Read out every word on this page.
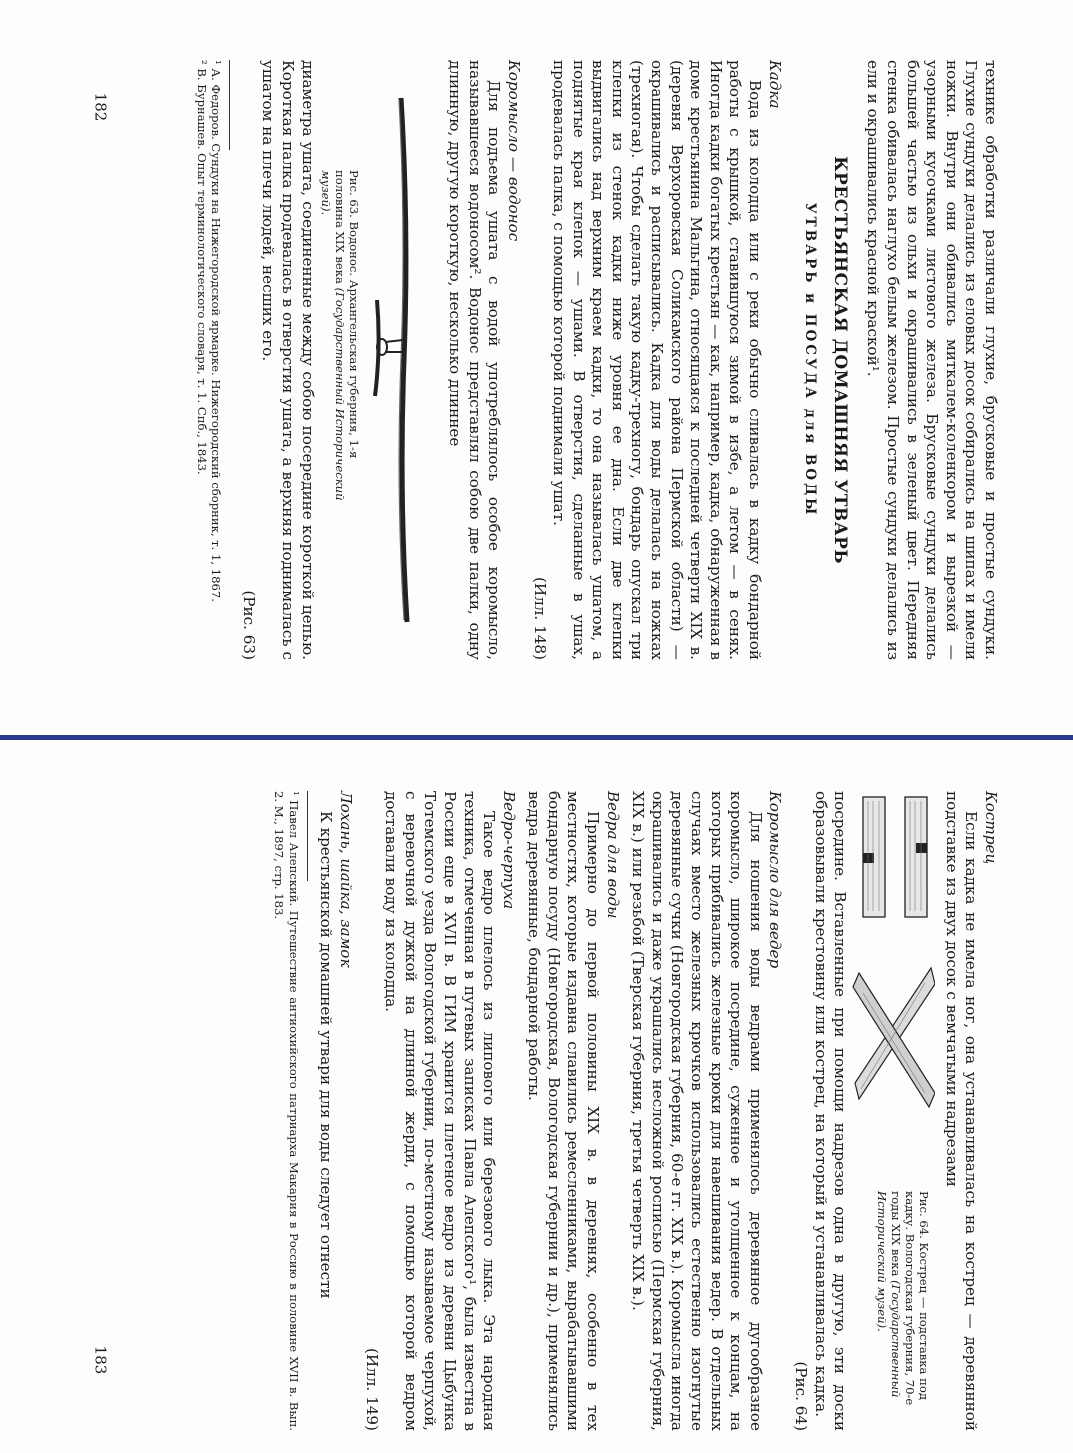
технике обработки различали глухие, брусковые и простые сундуки. Глухие сундуки делались из еловых досок собирались на шипах и имели ножки. Внутри они обивались миткалем-коленкором и вырезкой — узорными кусочками листового железа. Брусковые сундуки делались большей частью из ольхи и окрашивались в зеленый цвет. Передняя стенка обивалась наглухо белым железом. Простые сундуки делались из ели и окрашивались красной краской¹.

КРЕСТЬЯНСКАЯ ДОМАШНЯЯ УТВАРЬ
УТВАРЬ и ПОСУДА для ВОДЫ

Кадка

Вода из колодца или с реки обычно сливалась в кадку бондарной работы с крышкой, ставившуюся зимой в избе, а летом — в сенях. Иногда кадки богатых крестьян — как, например, кадка, обнаруженная в доме крестьянина Мальгина, относящаяся к последней четверти XIX в. (деревня Верхоровская Соликамского района Пермской области) — окрашивались и расписывались. Кадка для воды делалась на ножках (трехногая). Чтобы сделать такую кадку-трехногу, бондарь опускал три клепки из стенок кадки ниже уровня ее дна. Если две клепки выдвигались над верхним краем кадки, то она называлась ушатом, а поднятые края клепок — ушами. В отверстия, сделанные в ушах, продевалась палка, с помощью которой поднимали ушат.

(Илл. 148)

Коромысло — водонос

Для подъема ушата с водой употреблялось особое коромысло, называвшееся водоносом². Водонос представлял собою две палки, одну длинную, другую короткую, несколько длиннее

Рис. 63. Водонос. Архангельская губерния, 1-я половина XIX века (Государственный Исторический музей).

диаметра ушата, соединенные между собою посередине короткой цепью. Короткая палка продевалась в отверстия ушата, а верхняя поднималась с ушатом на плечи людей, несших его.

(Рис. 63)

¹ А. Федоров. Сундуки на Нижегородской ярмарке. Нижегородский сборник, т. 1, 1867.

² В. Бурнашев. Опыт терминологического словаря, т. 1. Спб., 1843.

182

Кострец

Если кадка не имела ног, она устанавливалась на кострец — деревянной подставке из двух досок с вемчатыми надрезами

Рис. 64. Кострец — подставка под кадку. Вологодская губерния, 70-е годы XIX века (Государственный Исторический музей).

посредине. Вставленные при помощи надрезов одна в другую, эти доски образовывали крестовину или кострец, на который и устанавливалась кадка.

(Рис. 64)

Коромысло для ведер

Для ношения воды ведрами применялось деревянное дугообразное коромысло, широкое посредине, суженное и утолщенное к концам, на которых прибивались железные крюки для навешивания ведер. В отдельных случаях вместо железных крючков использовались естественно изогнутые деревянные сучки (Новгородская губерния, 60-е гг. XIX в.). Коромысла иногда окрашивались и даже украшались несложной росписью (Пермская губерния, XIX в.) или резьбой (Тверская губерния, третья четверть XIX в.).

Ведра для воды

Примерно до первой половины XIX в. в деревнях, особенно в тех местностях, которые издавна славились ремесленниками, вырабатывавшими бондарную посуду (Новгородская, Вологодская губернии и др.), применялись ведра деревянные, бондарной работы.

Ведро-черпуха

Такое ведро плелось из липового или березового лыка. Эта народная техника, отмеченная в путевых записках Павла Алепского¹, была известна в России еще в XVII в. В ГИМ хранится плетеное ведро из деревни Цыбунка Тотемского уезда Вологодской губернии, по-местному называемое черпухой, с веревочной дужкой на длинной жерди, с помощью которой ведром доставали воду из колодца.

(Илл. 149)

Лохань, шайка, замок

К крестьянской домашней утвари для воды следует отнести

¹ Павел Алепский. Путешествие антиохийского патриарха Макария в Россию в половине XVII в. Вып. 2. М., 1897, стр. 183.

183
